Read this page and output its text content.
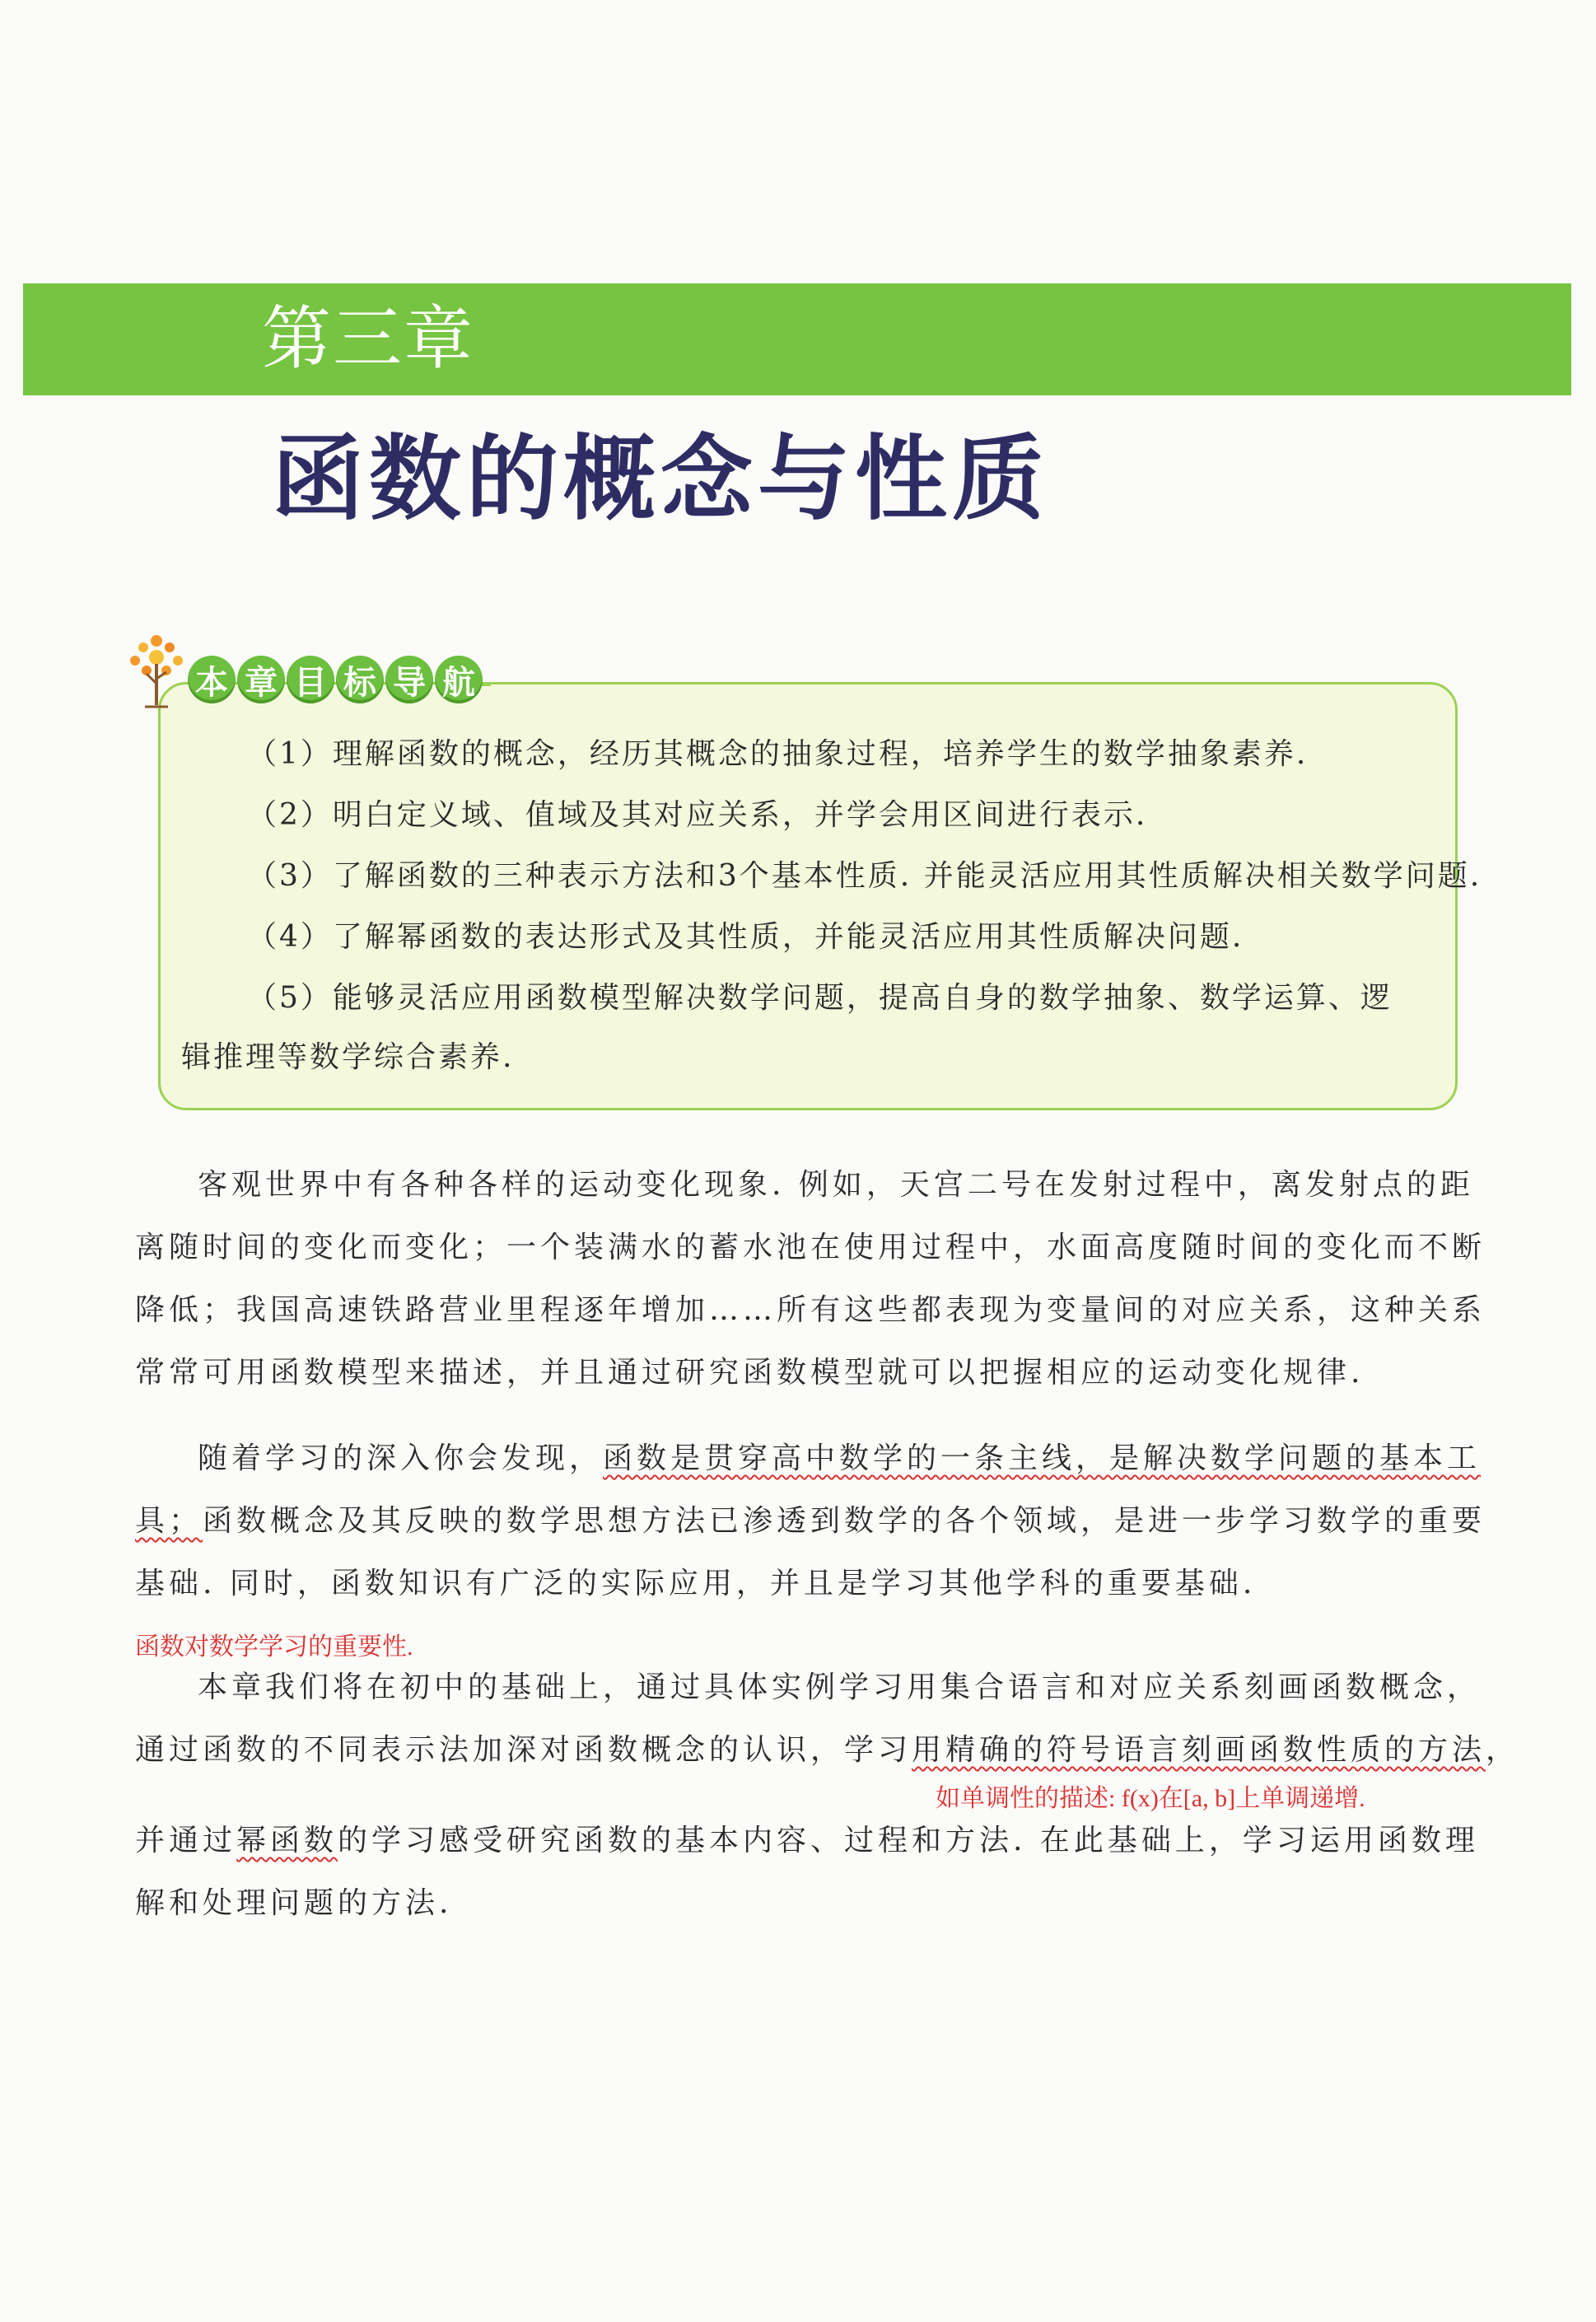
第三章
函数的概念与性质
本 章 目 标 导 航
（1）理解函数的概念，经历其概念的抽象过程，培养学生的数学抽象素养.
（2）明白定义域、值域及其对应关系，并学会用区间进行表示.
（3）了解函数的三种表示方法和3个基本性质. 并能灵活应用其性质解决相关数学问题.
（4）了解幂函数的表达形式及其性质，并能灵活应用其性质解决问题.
（5）能够灵活应用函数模型解决数学问题，提高自身的数学抽象、数学运算、逻
辑推理等数学综合素养.
客观世界中有各种各样的运动变化现象. 例如，天宫二号在发射过程中，离发射点的距
离随时间的变化而变化；一个装满水的蓄水池在使用过程中，水面高度随时间的变化而不断
降低；我国高速铁路营业里程逐年增加……所有这些都表现为变量间的对应关系，这种关系
常常可用函数模型来描述，并且通过研究函数模型就可以把握相应的运动变化规律.
随着学习的深入你会发现，函数是贯穿高中数学的一条主线，是解决数学问题的基本工
具；函数概念及其反映的数学思想方法已渗透到数学的各个领域，是进一步学习数学的重要
基础. 同时，函数知识有广泛的实际应用，并且是学习其他学科的重要基础.
函数对数学学习的重要性.
本章我们将在初中的基础上，通过具体实例学习用集合语言和对应关系刻画函数概念，
通过函数的不同表示法加深对函数概念的认识，学习用精确的符号语言刻画函数性质的方法，
如单调性的描述: f(x)在[a, b]上单调递增.
并通过幂函数的学习感受研究函数的基本内容、过程和方法. 在此基础上，学习运用函数理
解和处理问题的方法.
